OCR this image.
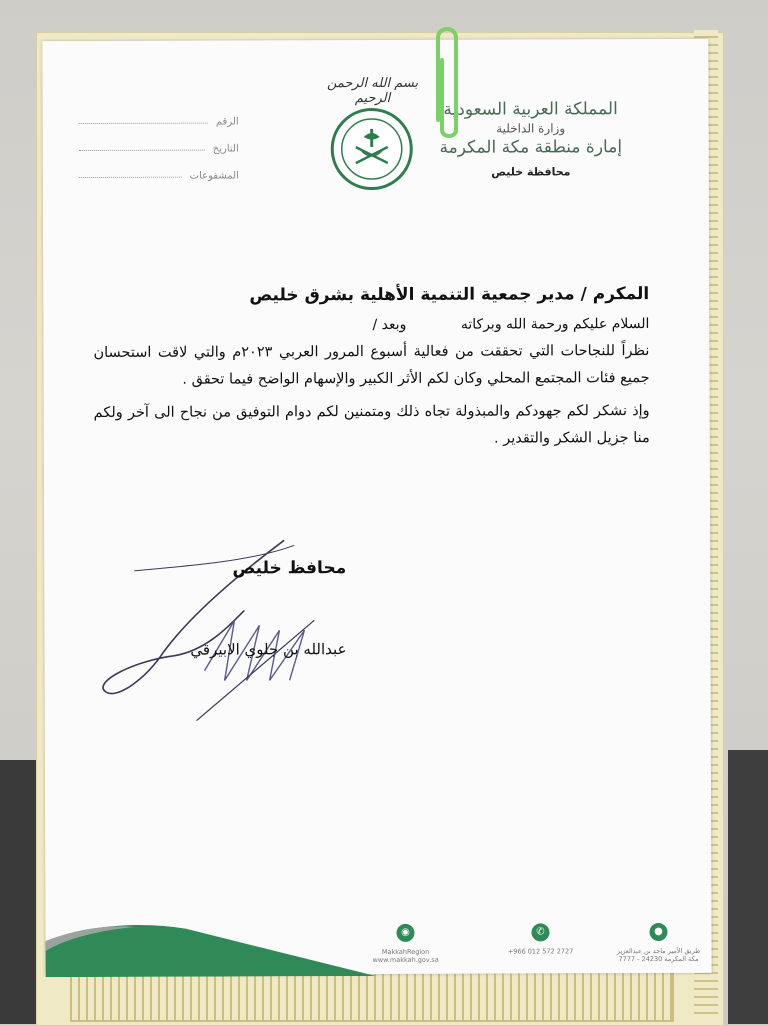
بسم الله الرحمن الرحيم
المملكة العربية السعودية
وزارة الداخلية
إمارة منطقة مكة المكرمة
محافظة خليص
الرقم
التاريخ
المشفوعات
المكرم / مدير جمعية التنمية الأهلية بشرق خليص
السلام عليكم ورحمة الله وبركاته وبعد /

نظراً للنجاحات التي تحققت من فعالية أسبوع المرور العربي ٢٠٢٣م والتي لاقت استحسان جميع فئات المجتمع المحلي وكان لكم الأثر الكبير والإسهام الواضح فيما تحقق .

وإذ نشكر لكم جهودكم والمبذولة تجاه ذلك ومتمنين لكم دوام التوفيق من نجاح الى آخر ولكم منا جزيل الشكر والتقدير .

محافظ خليص
عبدالله بن جلوي الابيرقي
◉
MakkahRegion
www.makkah.gov.sa
✆
+966 012 572 2727
●
طريق الأمير ماجد بن عبدالعزيز
مكة المكرمة 24230 - 7777
